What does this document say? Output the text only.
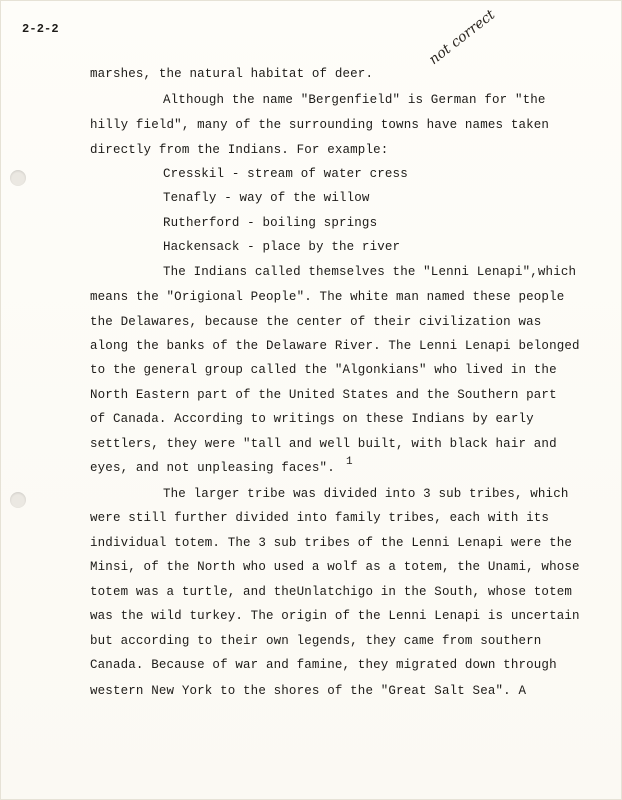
2-2-2	not correct
marshes, the natural habitat of deer.
Although the name "Bergenfield" is German for "the
hilly field", many of the surrounding towns have names taken
directly from the Indians. For example:
Cresskil - stream of water cress
Tenafly - way of the willow
Rutherford - boiling springs
Hackensack - place by the river
The Indians called themselves the "Lenni Lenapi",which
means the "Origional People". The white man named these people
the Delawares, because the center of their civilization was
along the banks of the Delaware River. The Lenni Lenapi belonged
to the general group called the "Algonkians" who lived in the
North Eastern part of the United States and the Southern part
of Canada. According to writings on these Indians by early
settlers, they were "tall and well built, with black hair and
eyes, and not unpleasing faces". 1
The larger tribe was divided into 3 sub tribes, which
were still further divided into family tribes, each with its
individual totem. The 3 sub tribes of the Lenni Lenapi were the
Minsi, of the North who used a wolf as a totem, the Unami, whose
totem was a turtle, and theUnlatchigo in the South, whose totem
was the wild turkey. The origin of the Lenni Lenapi is uncertain
but according to their own legends, they came from southern
Canada. Because of war and famine, they migrated down through
western New York to the shores of the "Great Salt Sea". A
